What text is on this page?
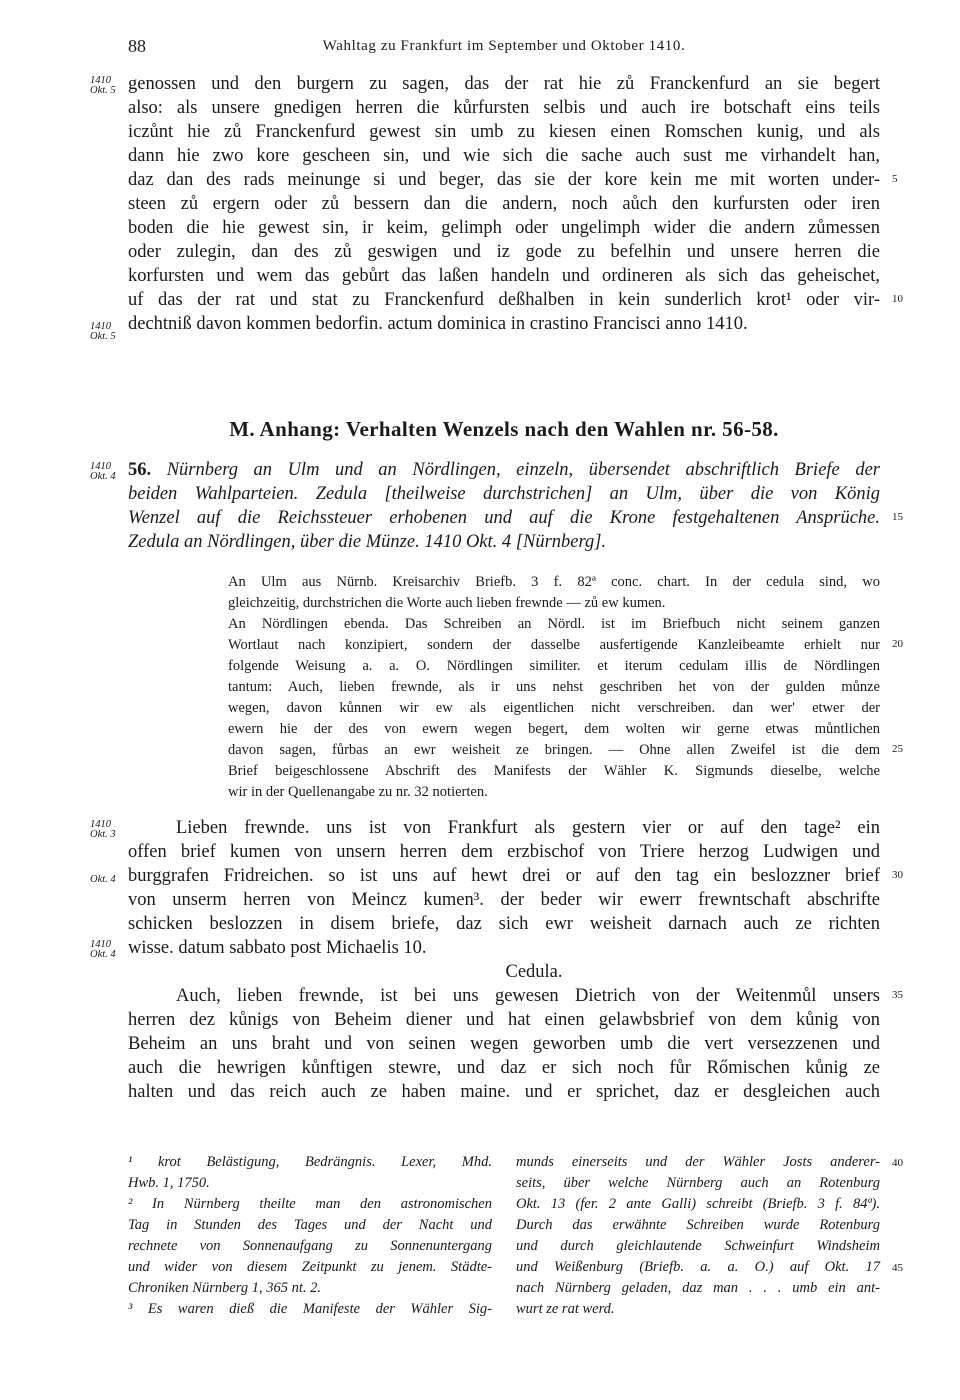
88	Wahltag zu Frankfurt im September und Oktober 1410.
1410
Okt. 5 genossen und den burgern zu sagen, das der rat hie zů Franckenfurd an sie begert
also: als unsere gnedigen herren die kůrfursten selbis und auch ire botschaft eins teils
iczůnt hie zů Franckenfurd gewest sin umb zu kiesen einen Romschen kunig, und als
dann hie zwo kore gescheen sin, und wie sich die sache auch sust me virhandelt han,
daz dan des rads meinunge si und beger, das sie der kore kein me mit worten under- 5
steen zů ergern oder zů bessern dan die andern, noch aůch den kurfursten oder iren
boden die hie gewest sin, ir keim, gelimph oder ungelimph wider die andern zůmessen
oder zulegin, dan des zů geswigen und iz gode zu befelhin und unsere herren die
korfursten und wem das gebůrt das laßen handeln und ordineren als sich das geheischet,
uf das der rat und stat zu Franckenfurd deßhalben in kein sunderlich krot¹ oder vir- 10
1410
Okt. 5
dechtniß davon kommen bedorfin. actum dominica in crastino Francisci anno 1410.
M. Anhang: Verhalten Wenzels nach den Wahlen nr. 56-58.
1410
Okt. 4 56. Nürnberg an Ulm und an Nördlingen, einzeln, übersendet abschriftlich Briefe der
beiden Wahlparteien. Zedula [theilweise durchstrichen] an Ulm, über die von König
Wenzel auf die Reichssteuer erhobenen und auf die Krone festgehaltenen Ansprüche. 15
Zedula an Nördlingen, über die Münze. 1410 Okt. 4 [Nürnberg].
An Ulm aus Nürnb. Kreisarchiv Briefb. 3 f. 82ª conc. chart. In der cedula sind, wo
gleichzeitig, durchstrichen die Worte auch lieben frewnde — zů ew kumen.
An Nördlingen ebenda. Das Schreiben an Nördl. ist im Briefbuch nicht seinem ganzen
Wortlaut nach konzipiert, sondern der dasselbe ausfertigende Kanzleibeamte erhielt nur 20
folgende Weisung a. a. O. Nördlingen similiter. et iterum cedulam illis de Nördlingen
tantum: Auch, lieben frewnde, als ir uns nehst geschriben het von der gulden můnze
wegen, davon kůnnen wir ew als eigentlichen nicht verschreiben. dan wer' etwer der
ewern hie der des von ewern wegen begert, dem wolten wir gerne etwas můntlichen
davon sagen, fůrbas an ewr weisheit ze bringen. — Ohne allen Zweifel ist die dem 25
Brief beigeschlossene Abschrift des Manifests der Wähler K. Sigmunds dieselbe, welche
wir in der Quellenangabe zu nr. 32 notierten.
1410
Okt. 3	Lieben frewnde. uns ist von Frankfurt als gestern vier or auf den tage² ein
offen brief kumen von unsern herren dem erzbischof von Triere herzog Ludwigen und
Okt. 4 burggrafen Fridreichen. so ist uns auf hewt drei or auf den tag ein beslozzner brief 30
von unserm herren von Meincz kumen³. der beder wir ewerr frewntschaft abschrifte
schicken beslozzen in disem briefe, daz sich ewr weisheit darnach auch ze richten
1410
Okt. 4 wisse. datum sabbato post Michaelis 10.
Cedula.
Auch, lieben frewnde, ist bei uns gewesen Dietrich von der Weitenmůl unsers 35
herren dez kůnigs von Beheim diener und hat einen gelawbsbrief von dem kůnig von
Beheim an uns braht und von seinen wegen geworben umb die vert versezzenen und
auch die hewrigen kůnftigen stewre, und daz er sich noch fůr Rőmischen kůnig ze
halten und das reich auch ze haben maine. und er sprichet, daz er desgleichen auch
¹ krot Belästigung, Bedrängnis. Lexer, Mhd.
Hwb. 1, 1750.
² In Nürnberg theilte man den astronomischen
Tag in Stunden des Tages und der Nacht und
rechnete von Sonnenaufgang zu Sonnenuntergang
und wider von diesem Zeitpunkt zu jenem. Städte-
Chroniken Nürnberg 1, 365 nt. 2.
³ Es waren dieß die Manifeste der Wähler Sig-
munds einerseits und der Wähler Josts anderer-
seits, über welche Nürnberg auch an Rotenburg
Okt. 13 (fer. 2 ante Galli) schreibt (Briefb. 3 f. 84ª).
Durch das erwähnte Schreiben wurde Rotenburg
und durch gleichlautende Schweinfurt Windsheim
und Weißenburg (Briefb. a. a. O.) auf Okt. 17
nach Nürnberg geladen, daz man . . . umb ein ant-
wurt ze rat werd.
40
45
